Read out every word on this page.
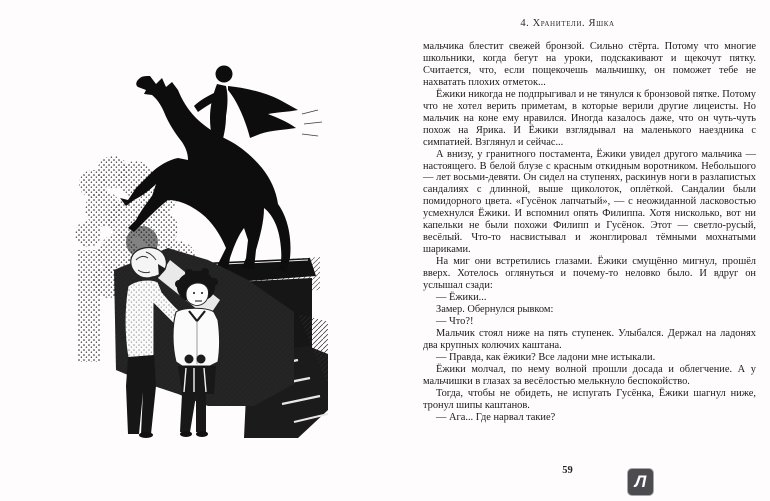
4. Хранители. Яшка

мальчика блестит свежей бронзой. Сильно стёрта. Потому что многие школьники, когда бегут на уроки, подскакивают и щекочут пятку. Считается, что, если пощекочешь мальчишку, он поможет тебе не нахватать плохих отметок...

Ёжики никогда не подпрыгивал и не тянулся к бронзовой пятке. Потому что не хотел верить приметам, в которые верили другие лицеисты. Но мальчик на коне ему нравился. Иногда казалось даже, что он чуть-чуть похож на Ярика. И Ёжики взглядывал на маленького наездника с симпатией. Взглянул и сейчас...

А внизу, у гранитного постамента, Ёжики увидел другого мальчика — настоящего. В белой блузе с красным откидным воротником. Небольшого — лет восьми-девяти. Он сидел на ступенях, раскинув ноги в разлапистых сандалиях с длинной, выше щиколоток, оплёткой. Сандалии были помидорного цвета. «Гусёнок лапчатый», — с неожиданной ласковостью усмехнулся Ёжики. И вспомнил опять Филиппа. Хотя нисколько, вот ни капельки не были похожи Филипп и Гусёнок. Этот — светло-русый, весёлый. Что-то насвистывал и жонглировал тёмными мохнатыми шариками.

На миг они встретились глазами. Ёжики смущённо мигнул, прошёл вверх. Хотелось оглянуться и почему-то неловко было. И вдруг он услышал сзади:

— Ёжики...

Замер. Обернулся рывком:

— Что?!

Мальчик стоял ниже на пять ступенек. Улыбался. Держал на ладонях два крупных колючих каштана.

— Правда, как ёжики? Все ладони мне истыкали.

Ёжики молчал, по нему волной прошли досада и облегчение. А у мальчишки в глазах за весёлостью мелькнуло беспокойство.

Тогда, чтобы не обидеть, не испугать Гусёнка, Ёжики шагнул ниже, тронул шипы каштанов.

— Ага... Где нарвал такие?

59
Л
